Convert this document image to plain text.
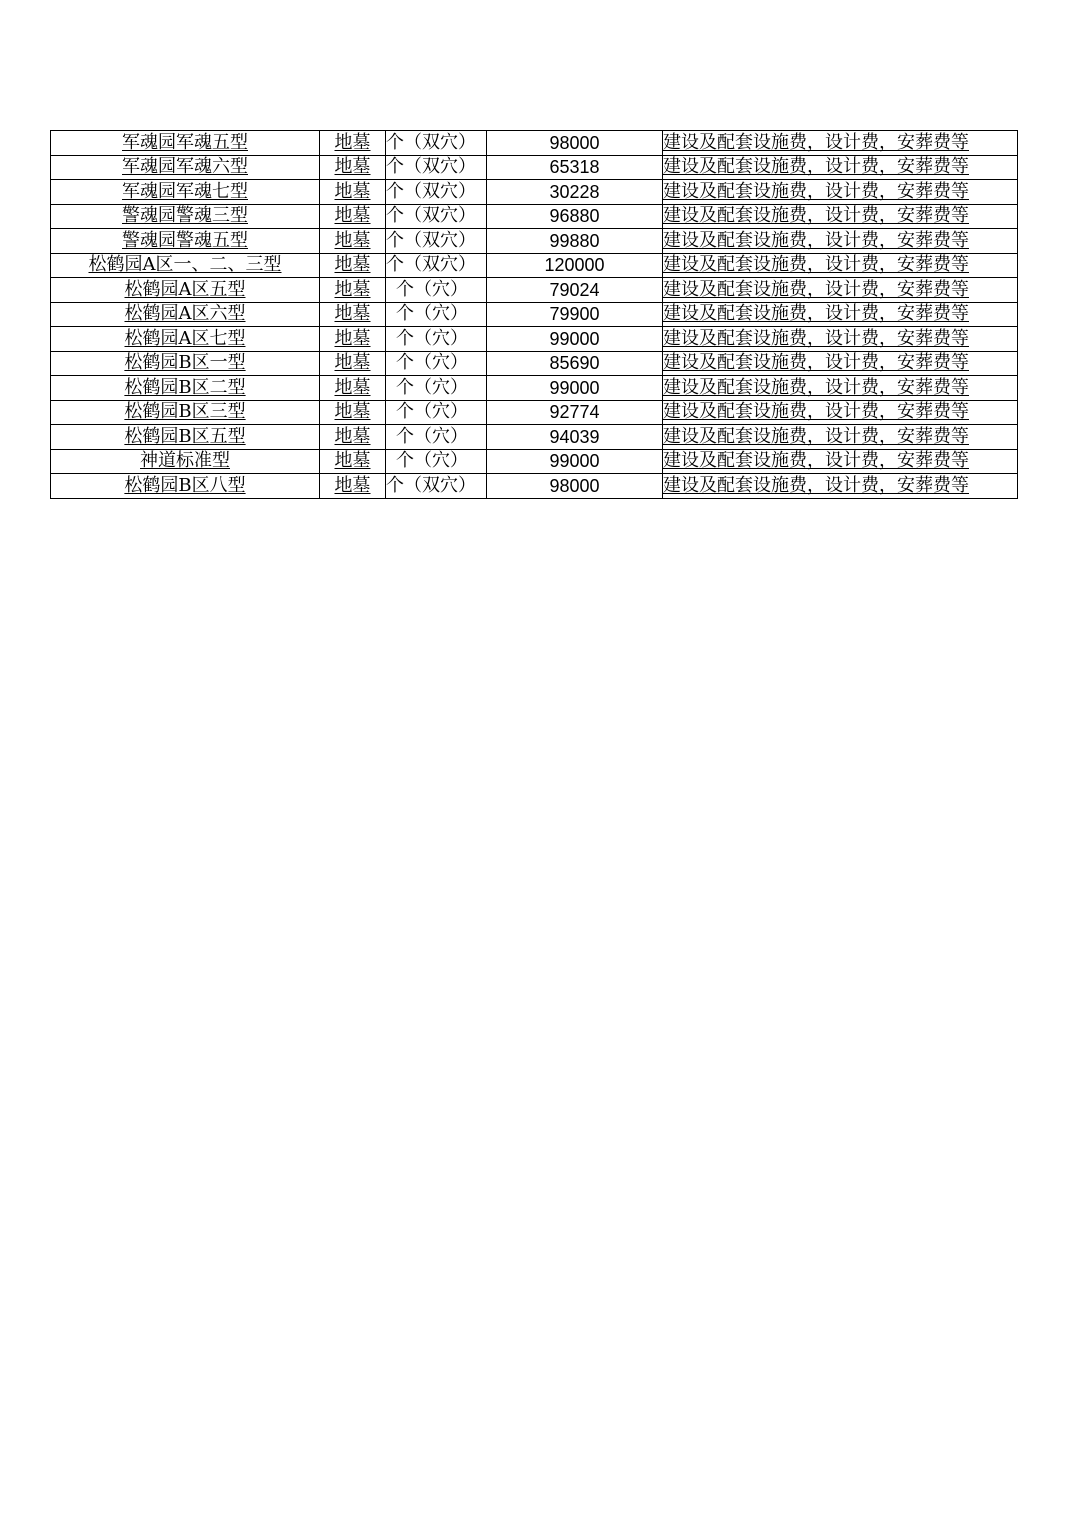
军魂园军魂五型	地墓	个（双穴）	98000	建设及配套设施费，设计费，安葬费等
军魂园军魂六型	地墓	个（双穴）	65318	建设及配套设施费，设计费，安葬费等
军魂园军魂七型	地墓	个（双穴）	30228	建设及配套设施费，设计费，安葬费等
警魂园警魂三型	地墓	个（双穴）	96880	建设及配套设施费，设计费，安葬费等
警魂园警魂五型	地墓	个（双穴）	99880	建设及配套设施费，设计费，安葬费等
松鹤园A区一、二、三型	地墓	个（双穴）	120000	建设及配套设施费，设计费，安葬费等
松鹤园A区五型	地墓	个（穴）	79024	建设及配套设施费，设计费，安葬费等
松鹤园A区六型	地墓	个（穴）	79900	建设及配套设施费，设计费，安葬费等
松鹤园A区七型	地墓	个（穴）	99000	建设及配套设施费，设计费，安葬费等
松鹤园B区一型	地墓	个（穴）	85690	建设及配套设施费，设计费，安葬费等
松鹤园B区二型	地墓	个（穴）	99000	建设及配套设施费，设计费，安葬费等
松鹤园B区三型	地墓	个（穴）	92774	建设及配套设施费，设计费，安葬费等
松鹤园B区五型	地墓	个（穴）	94039	建设及配套设施费，设计费，安葬费等
神道标准型	地墓	个（穴）	99000	建设及配套设施费，设计费，安葬费等
松鹤园B区八型	地墓	个（双穴）	98000	建设及配套设施费，设计费，安葬费等
